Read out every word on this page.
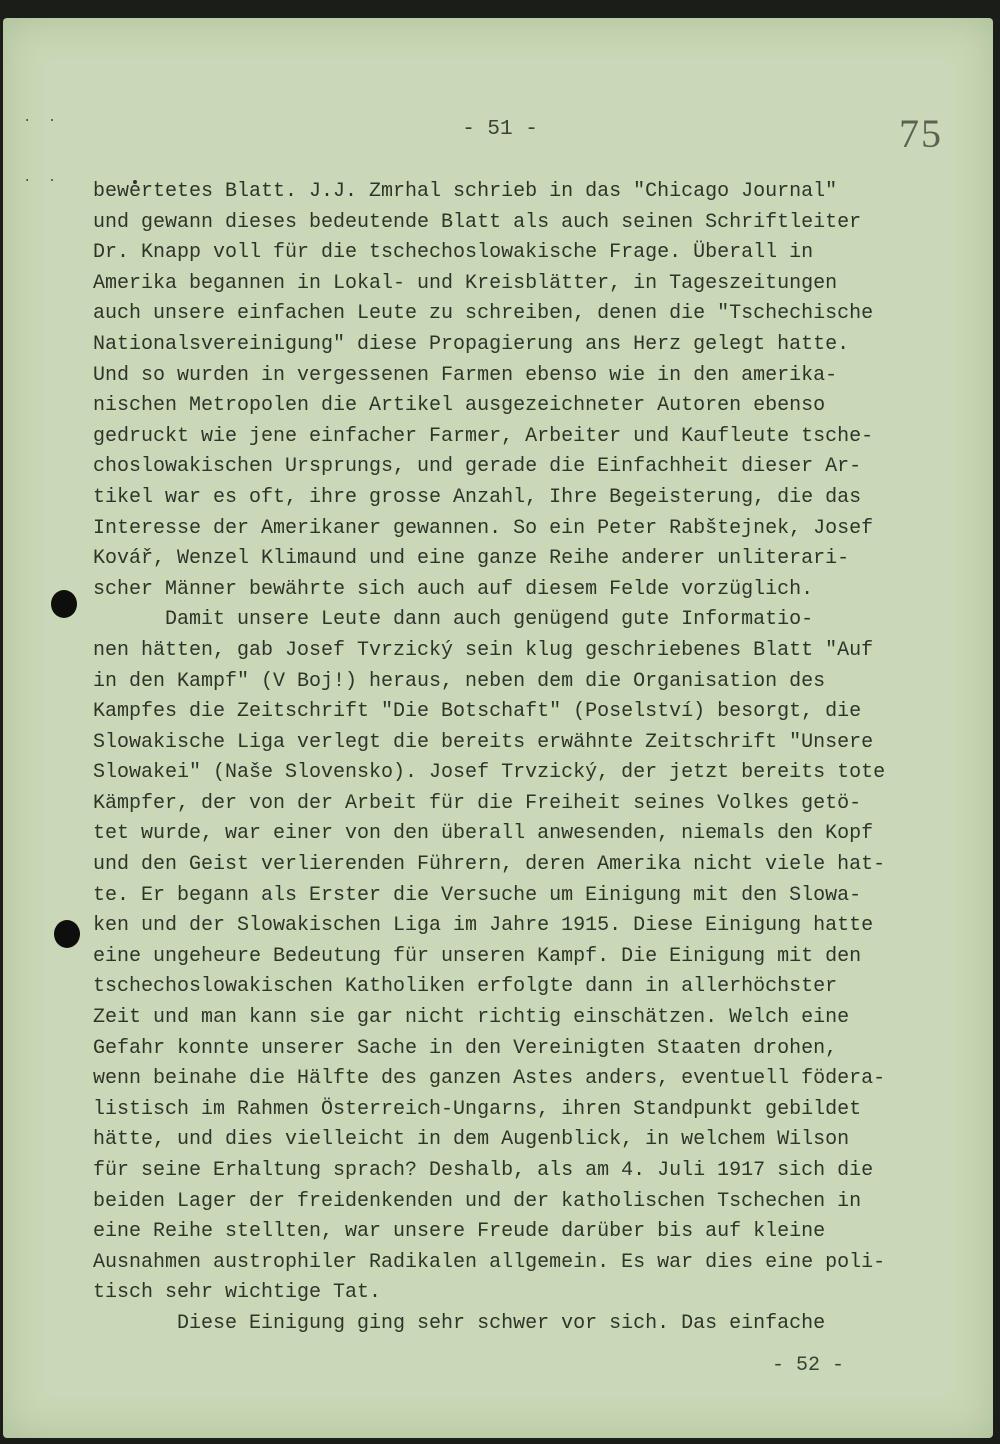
. .
. .
75
- 51 -

bewertetes Blatt. J.J. Zmrhal schrieb in das "Chicago Journal"

und gewann dieses bedeutende Blatt als auch seinen Schriftleiter

Dr. Knapp voll für die tschechoslowakische Frage. Überall in

Amerika begannen in Lokal- und Kreisblätter, in Tageszeitungen

auch unsere einfachen Leute zu schreiben, denen die "Tschechische

Nationalsvereinigung" diese Propagierung ans Herz gelegt hatte.

Und so wurden in vergessenen Farmen ebenso wie in den amerika-

nischen Metropolen die Artikel ausgezeichneter Autoren ebenso

gedruckt wie jene einfacher Farmer, Arbeiter und Kaufleute tsche-

choslowakischen Ursprungs, und gerade die Einfachheit dieser Ar-

tikel war es oft, ihre grosse Anzahl, Ihre Begeisterung, die das

Interesse der Amerikaner gewannen. So ein Peter Rabštejnek, Josef

Kovář, Wenzel Klimaund und eine ganze Reihe anderer unliterari-

scher Männer bewährte sich auch auf diesem Felde vorzüglich.

Damit unsere Leute dann auch genügend gute Informatio-

nen hätten, gab Josef Tvrzický sein klug geschriebenes Blatt "Auf

in den Kampf" (V Boj!) heraus, neben dem die Organisation des

Kampfes die Zeitschrift "Die Botschaft" (Poselství) besorgt, die

Slowakische Liga verlegt die bereits erwähnte Zeitschrift "Unsere

Slowakei" (Naše Slovensko). Josef Trvzický, der jetzt bereits tote

Kämpfer, der von der Arbeit für die Freiheit seines Volkes getö-

tet wurde, war einer von den überall anwesenden, niemals den Kopf

und den Geist verlierenden Führern, deren Amerika nicht viele hat-

te. Er begann als Erster die Versuche um Einigung mit den Slowa-

ken und der Slowakischen Liga im Jahre 1915. Diese Einigung hatte

eine ungeheure Bedeutung für unseren Kampf. Die Einigung mit den

tschechoslowakischen Katholiken erfolgte dann in allerhöchster

Zeit und man kann sie gar nicht richtig einschätzen. Welch eine

Gefahr konnte unserer Sache in den Vereinigten Staaten drohen,

wenn beinahe die Hälfte des ganzen Astes anders, eventuell födera-

listisch im Rahmen Österreich-Ungarns, ihren Standpunkt gebildet

hätte, und dies vielleicht in dem Augenblick, in welchem Wilson

für seine Erhaltung sprach? Deshalb, als am 4. Juli 1917 sich die

beiden Lager der freidenkenden und der katholischen Tschechen in

eine Reihe stellten, war unsere Freude darüber bis auf kleine

Ausnahmen austrophiler Radikalen allgemein. Es war dies eine poli-

tisch sehr wichtige Tat.

Diese Einigung ging sehr schwer vor sich. Das einfache

- 52 -
